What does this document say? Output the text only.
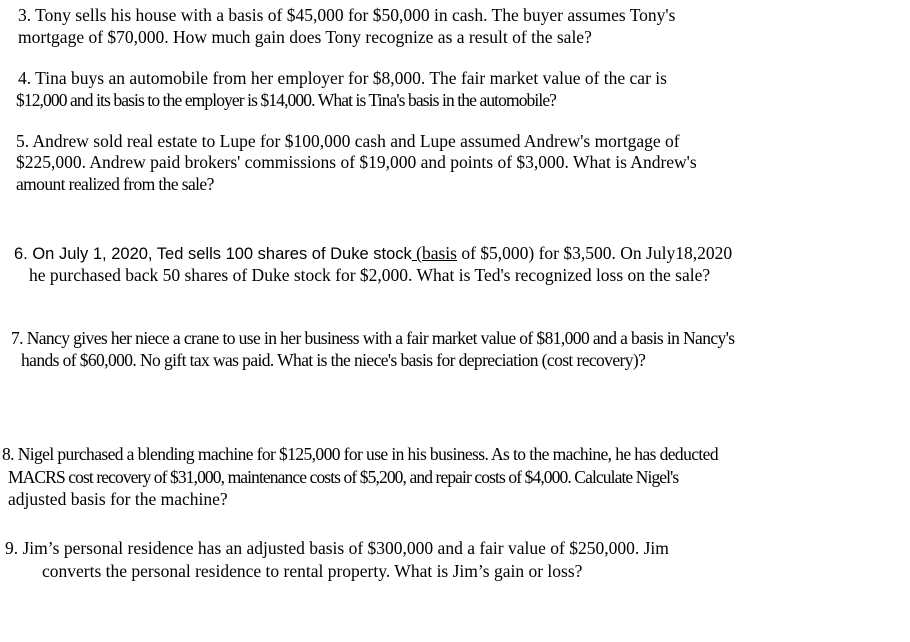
3. Tony sells his house with a basis of $45,000 for $50,000 in cash. The buyer assumes Tony's
mortgage of $70,000. How much gain does Tony recognize as a result of the sale?
4. Tina buys an automobile from her employer for $8,000. The fair market value of the car is
$12,000 and its basis to the employer is $14,000. What is Tina's basis in the automobile?
5. Andrew sold real estate to Lupe for $100,000 cash and Lupe assumed Andrew's mortgage of
$225,000. Andrew paid brokers' commissions of $19,000 and points of $3,000. What is Andrew's
amount realized from the sale?
6. On July 1, 2020, Ted sells 100 shares of Duke stock (basis of $5,000) for $3,500. On July18,2020
he purchased back 50 shares of Duke stock for $2,000. What is Ted's recognized loss on the sale?
7. Nancy gives her niece a crane to use in her business with a fair market value of $81,000 and a basis in Nancy's
hands of $60,000. No gift tax was paid. What is the niece's basis for depreciation (cost recovery)?
8. Nigel purchased a blending machine for $125,000 for use in his business. As to the machine, he has deducted
MACRS cost recovery of $31,000, maintenance costs of $5,200, and repair costs of $4,000. Calculate Nigel's
adjusted basis for the machine?
9. Jim’s personal residence has an adjusted basis of $300,000 and a fair value of $250,000. Jim
converts the personal residence to rental property. What is Jim’s gain or loss?
